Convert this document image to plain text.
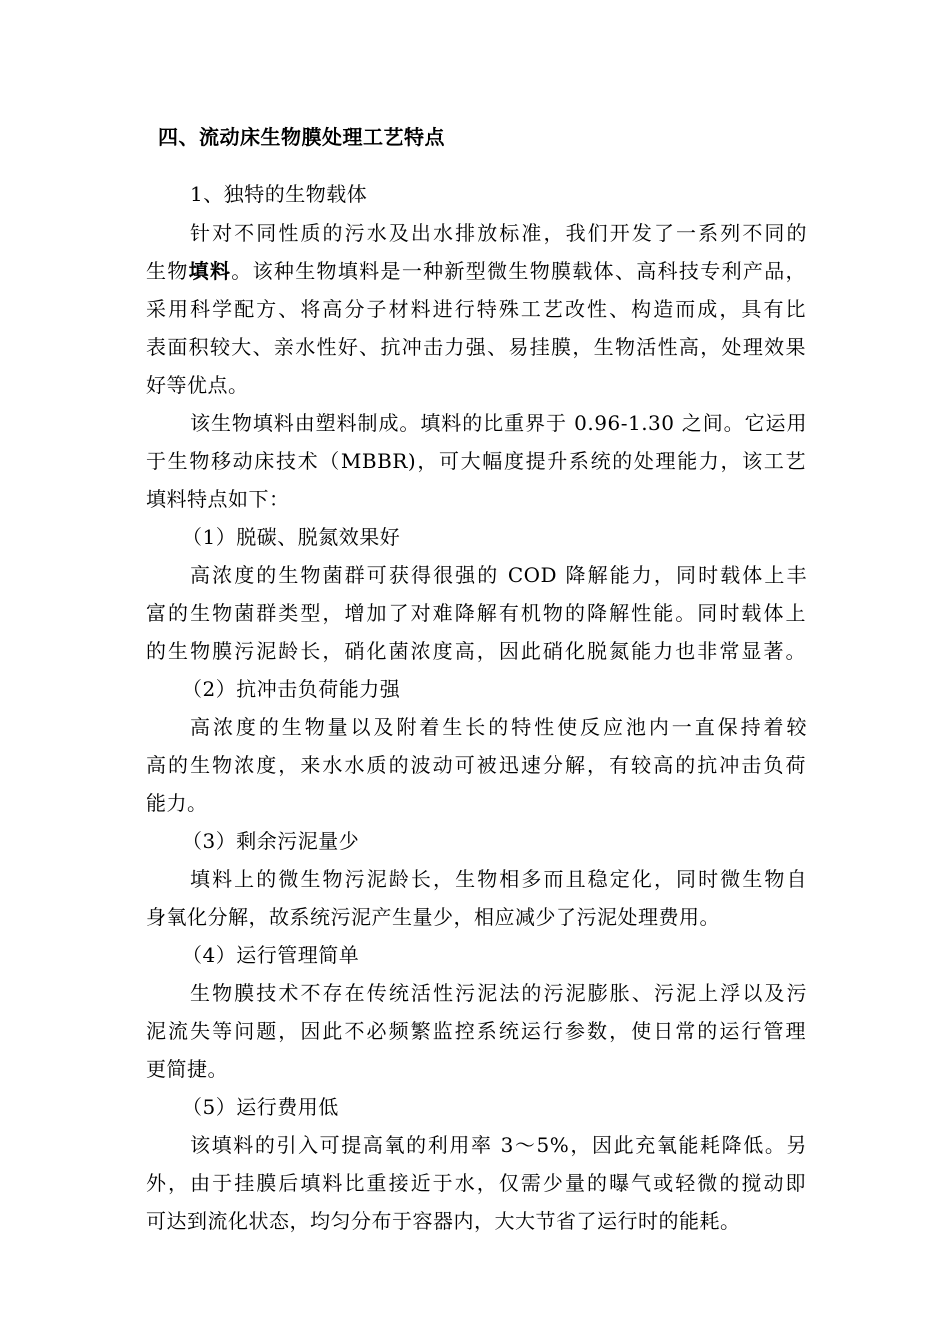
四、流动床生物膜处理工艺特点
1、独特的生物载体
针对不同性质的污水及出水排放标准，我们开发了一系列不同的
生物填料。该种生物填料是一种新型微生物膜载体、高科技专利产品，
采用科学配方、将高分子材料进行特殊工艺改性、构造而成，具有比
表面积较大、亲水性好、抗冲击力强、易挂膜，生物活性高，处理效果
好等优点。
该生物填料由塑料制成。填料的比重界于 0.96-1.30 之间。它运用
于生物移动床技术（MBBR)，可大幅度提升系统的处理能力，该工艺
填料特点如下：
（1）脱碳、脱氮效果好
高浓度的生物菌群可获得很强的 COD 降解能力，同时载体上丰
富的生物菌群类型，增加了对难降解有机物的降解性能。同时载体上
的生物膜污泥龄长，硝化菌浓度高，因此硝化脱氮能力也非常显著。
（2）抗冲击负荷能力强
高浓度的生物量以及附着生长的特性使反应池内一直保持着较
高的生物浓度，来水水质的波动可被迅速分解，有较高的抗冲击负荷
能力。
（3）剩余污泥量少
填料上的微生物污泥龄长，生物相多而且稳定化，同时微生物自
身氧化分解，故系统污泥产生量少，相应减少了污泥处理费用。
（4）运行管理简单
生物膜技术不存在传统活性污泥法的污泥膨胀、污泥上浮以及污
泥流失等问题，因此不必频繁监控系统运行参数，使日常的运行管理
更简捷。
（5）运行费用低
该填料的引入可提高氧的利用率 3～5%，因此充氧能耗降低。另
外，由于挂膜后填料比重接近于水，仅需少量的曝气或轻微的搅动即
可达到流化状态，均匀分布于容器内，大大节省了运行时的能耗。
